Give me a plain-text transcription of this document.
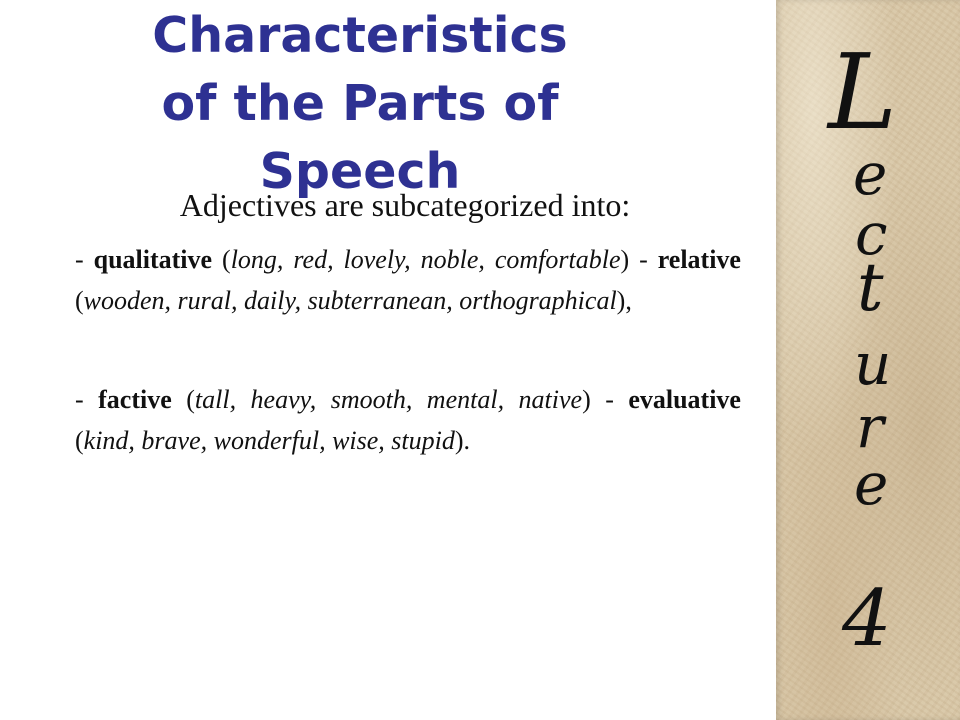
Characteristics
of the Parts of
Speech

Adjectives are subcategorized into:

- qualitative (long, red, lovely, noble, comfortable) - relative (wooden, rural, daily, subterranean, orthographical),

- factive (tall, heavy, smooth, mental, native) - evaluative (kind, brave, wonderful, wise, stupid).

L
e
c
t
u
r
e
4
